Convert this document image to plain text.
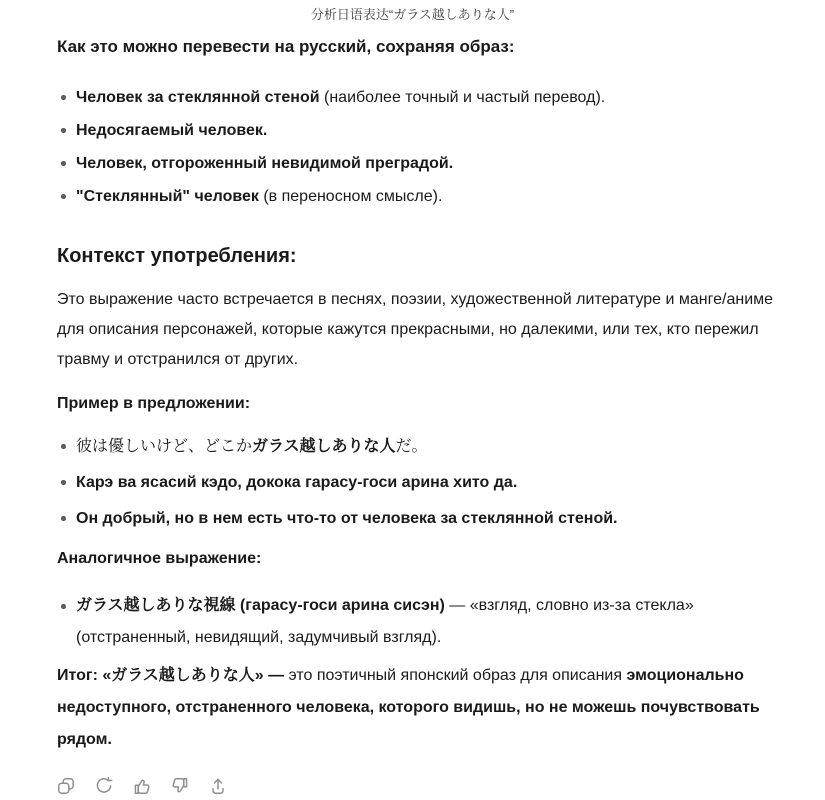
分析日语表达“ガラス越しありな人”
Как это можно перевести на русский, сохраняя образ:
Человек за стеклянной стеной (наиболее точный и частый перевод).
Недосягаемый человек.
Человек, отгороженный невидимой преградой.
"Стеклянный" человек (в переносном смысле).
Контекст употребления:

Это выражение часто встречается в песнях, поэзии, художественной литературе и манге/аниме для описания персонажей, которые кажутся прекрасными, но далекими, или тех, кто пережил травму и отстранился от других.

Пример в предложении:
彼は優しいけど、どこかガラス越しありな人だ。
Карэ ва ясасий кэдо, докока гарасу-госи арина хито да.
Он добрый, но в нем есть что-то от человека за стеклянной стеной.
Аналогичное выражение:
ガラス越しありな視線 (гарасу-госи арина сисэн) — «взгляд, словно из-за стекла» (отстраненный, невидящий, задумчивый взгляд).

Итог: «ガラス越しありな人» — это поэтичный японский образ для описания эмоционально недоступного, отстраненного человека, которого видишь, но не можешь почувствовать рядом.
